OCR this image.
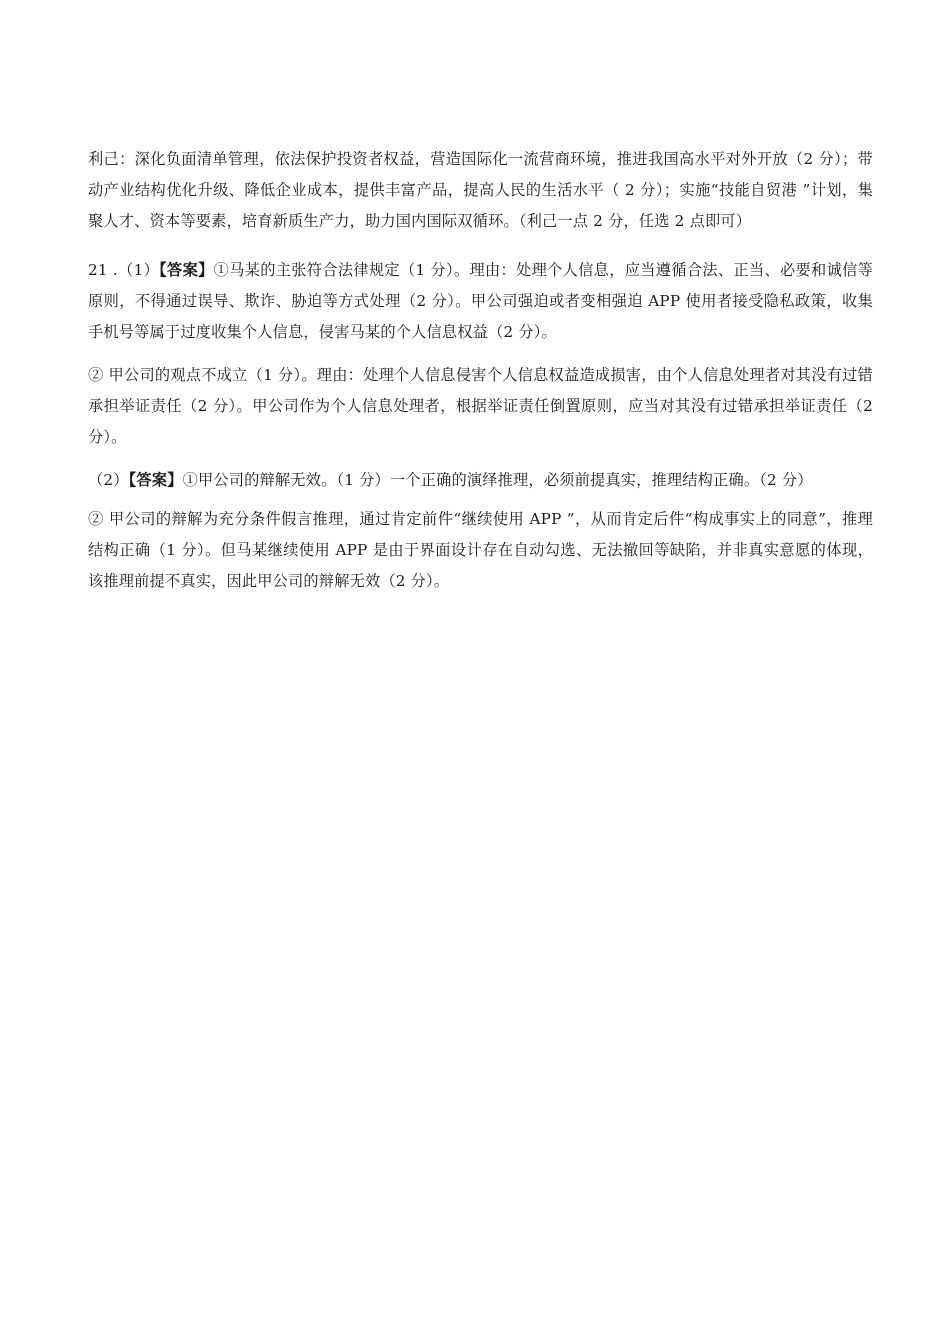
利己：深化负面清单管理，依法保护投资者权益，营造国际化一流营商环境，推进我国高水平对外开放（2 分）；带动产业结构优化升级、降低企业成本，提供丰富产品，提高人民的生活水平（ 2 分）；实施“技能自贸港 ”计划，集聚人才、资本等要素，培育新质生产力，助力国内国际双循环。（利己一点 2 分，任选 2 点即可）

21 .（1）【答案】①马某的主张符合法律规定（1 分）。理由：处理个人信息，应当遵循合法、正当、必要和诚信等原则，不得通过误导、欺诈、胁迫等方式处理（2 分）。甲公司强迫或者变相强迫 APP 使用者接受隐私政策，收集手机号等属于过度收集个人信息，侵害马某的个人信息权益（2 分）。

② 甲公司的观点不成立（1 分）。理由：处理个人信息侵害个人信息权益造成损害，由个人信息处理者对其没有过错承担举证责任（2 分）。甲公司作为个人信息处理者，根据举证责任倒置原则，应当对其没有过错承担举证责任（2 分）。

（2）【答案】①甲公司的辩解无效。（1 分）一个正确的演绎推理，必须前提真实，推理结构正确。（2 分）

② 甲公司的辩解为充分条件假言推理，通过肯定前件“继续使用 APP ”，从而肯定后件“构成事实上的同意”，推理结构正确（1 分）。但马某继续使用 APP 是由于界面设计存在自动勾选、无法撤回等缺陷，并非真实意愿的体现，该推理前提不真实，因此甲公司的辩解无效（2 分）。
